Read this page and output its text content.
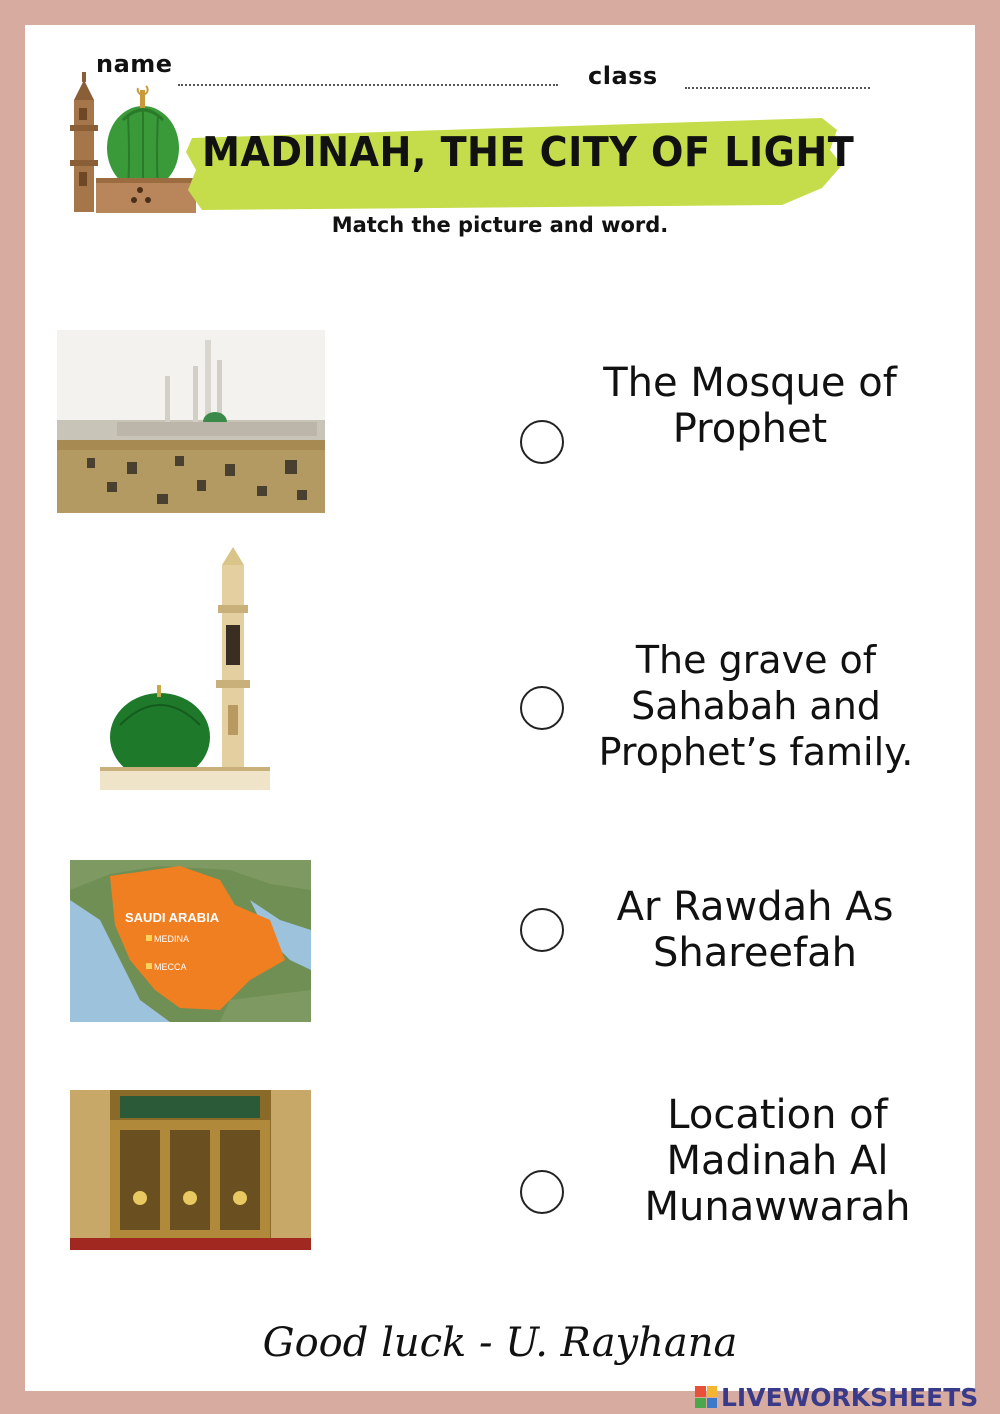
name	class
MADINAH, THE CITY OF LIGHT
Match the picture and word.
SAUDI ARABIA
MEDINA
MECCA
The Mosque of
Prophet
The grave of
Sahabah and
Prophet’s family.
Ar Rawdah As
Shareefah
Location of
Madinah Al
Munawwarah
Good luck - U. Rayhana
LIVEWORKSHEETS
